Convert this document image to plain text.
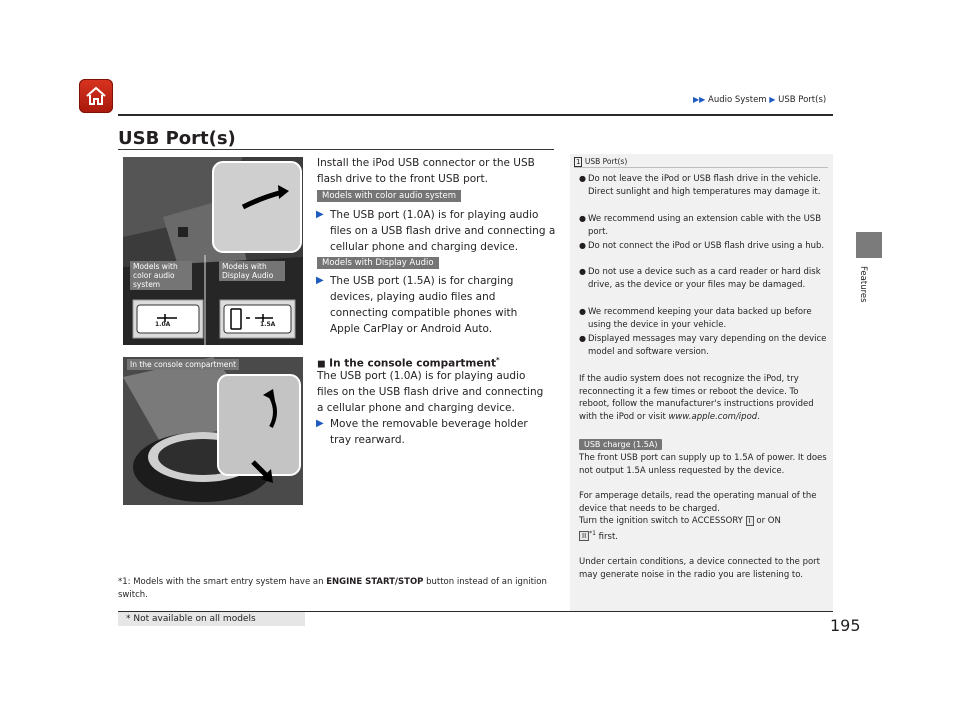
▶▶ Audio System ▶ USB Port(s)
Features
USB Port(s)
Models with color audio system
Models with Display Audio
1.0A	1.5A
In the console compartment
Install the iPod USB connector or the USB flash drive to the front USB port.
Models with color audio system
▶ The USB port (1.0A) is for playing audio files on a USB flash drive and connecting a cellular phone and charging device.
Models with Display Audio
▶ The USB port (1.5A) is for charging devices, playing audio files and connecting compatible phones with Apple CarPlay or Android Auto.
■ In the console compartment*
The USB port (1.0A) is for playing audio files on the USB flash drive and connecting a cellular phone and charging device.
▶ Move the removable beverage holder tray rearward.
*1: Models with the smart entry system have an ENGINE START/STOP button instead of an ignition switch.
1 USB Port(s)
● Do not leave the iPod or USB flash drive in the vehicle. Direct sunlight and high temperatures may damage it.
● We recommend using an extension cable with the USB port.
● Do not connect the iPod or USB flash drive using a hub.
● Do not use a device such as a card reader or hard disk drive, as the device or your files may be damaged.
● We recommend keeping your data backed up before using the device in your vehicle.
● Displayed messages may vary depending on the device model and software version.
If the audio system does not recognize the iPod, try reconnecting it a few times or reboot the device. To reboot, follow the manufacturer's instructions provided with the iPod or visit www.apple.com/ipod.
USB charge (1.5A)
The front USB port can supply up to 1.5A of power. It does not output 1.5A unless requested by the device.
For amperage details, read the operating manual of the device that needs to be charged.
Turn the ignition switch to ACCESSORY I or ON
II $^{*1}$ first.
Under certain conditions, a device connected to the port may generate noise in the radio you are listening to.
* Not available on all models	195
